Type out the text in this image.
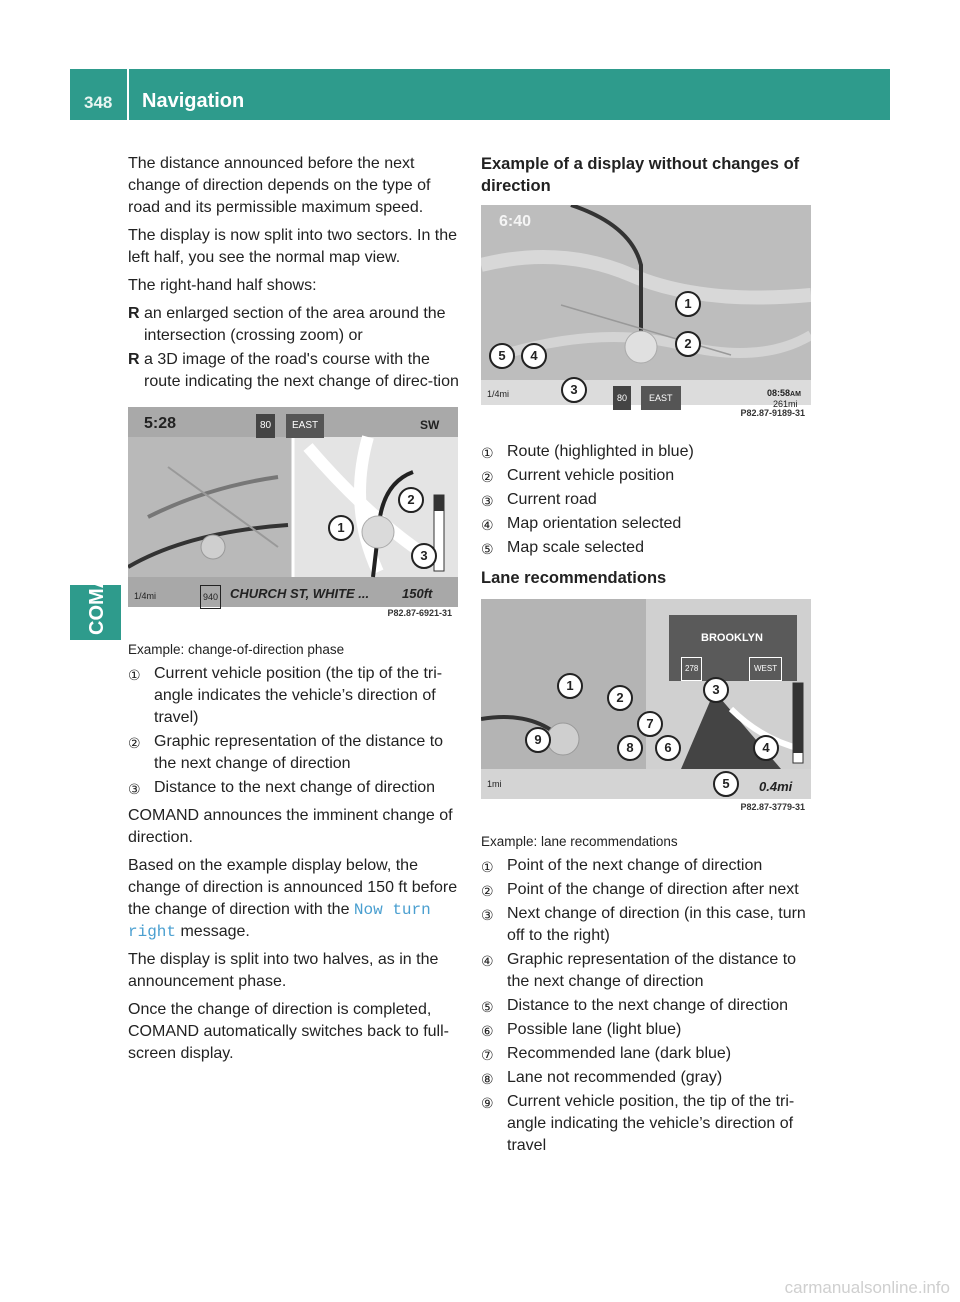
348 Navigation
COMAND

The distance announced before the next change of direction depends on the type of road and its permissible maximum speed.

The display is now split into two sectors. In the left half, you see the normal map view.

The right-hand half shows:

R an enlarged section of the area around the intersection (crossing zoom) or
R a 3D image of the road's course with the route indicating the next change of direc-tion
5:28	80	EAST	SW
1/4mi	940 CHURCH ST, WHITE ...	150ft
1
2
3
P82.87-6921-31
Example: change-of-direction phase
① Current vehicle position (the tip of the tri-angle indicates the vehicle’s direction of travel)
② Graphic representation of the distance to the next change of direction
③ Distance to the next change of direction

COMAND announces the imminent change of direction.

Based on the example display below, the change of direction is announced 150 ft before the change of direction with the Now turn right message.

The display is split into two halves, as in the announcement phase.

Once the change of direction is completed, COMAND automatically switches back to full-screen display.

Example of a display without changes of direction
6:40
1/4mi	80	EAST	08:58AM
261mi
1
2
3
4
5
P82.87-9189-31
① Route (highlighted in blue)
② Current vehicle position
③ Current road
④ Map orientation selected
⑤ Map scale selected
Lane recommendations
BROOKLYN
278	WEST
1mi	0.4mi
1
2
3
4
5
6
7
8
9
P82.87-3779-31
Example: lane recommendations
① Point of the next change of direction
② Point of the change of direction after next
③ Next change of direction (in this case, turn off to the right)
④ Graphic representation of the distance to the next change of direction
⑤ Distance to the next change of direction
⑥ Possible lane (light blue)
⑦ Recommended lane (dark blue)
⑧ Lane not recommended (gray)
⑨ Current vehicle position, the tip of the tri-angle indicating the vehicle’s direction of travel
carmanualsonline.info
